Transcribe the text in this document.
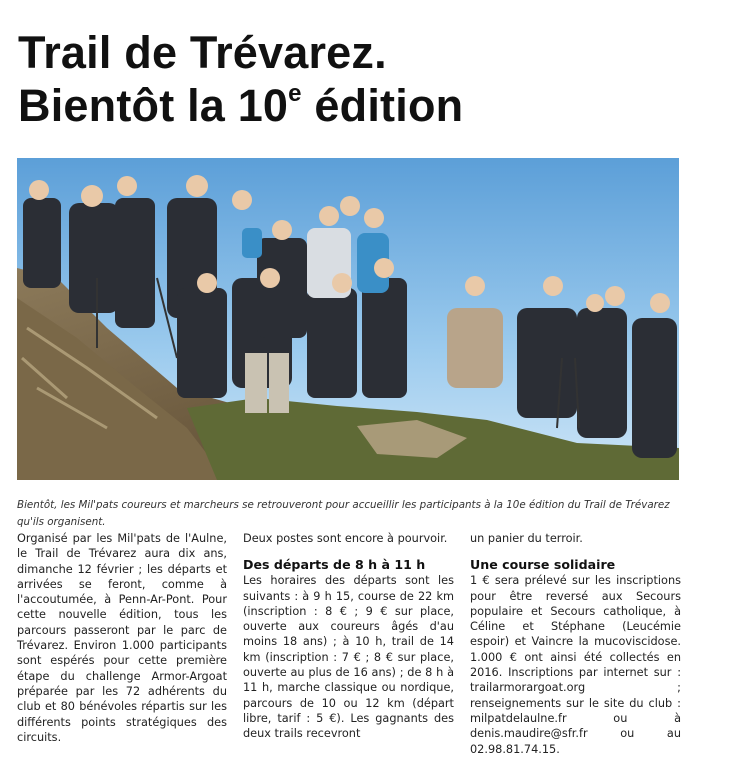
Trail de Trévarez.
Bientôt la 10e édition

Bientôt, les Mil'pats coureurs et marcheurs se retrouveront pour accueillir les participants à la 10e édition du Trail de Trévarez qu'ils organisent.

Organisé par les Mil'pats de l'Aulne, le Trail de Trévarez aura dix ans, dimanche 12 février ; les départs et arrivées se feront, comme à l'accoutumée, à Penn-Ar-Pont. Pour cette nouvelle édition, tous les parcours passeront par le parc de Trévarez. Environ 1.000 participants sont espérés pour cette première étape du challenge Armor-Argoat préparée par les 72 adhérents du club et 80 bénévoles répartis sur les différents points stratégiques des circuits.

Deux postes sont encore à pourvoir.

Des départs de 8 h à 11 h

Les horaires des départs sont les suivants : à 9 h 15, course de 22 km (inscription : 8 € ; 9 € sur place, ouverte aux coureurs âgés d'au moins 18 ans) ; à 10 h, trail de 14 km (inscription : 7 € ; 8 € sur place, ouverte au plus de 16 ans) ; de 8 h à 11 h, marche classique ou nordique, parcours de 10 ou 12 km (départ libre, tarif : 5 €). Les gagnants des deux trails recevront

un panier du terroir.

Une course solidaire

1 € sera prélevé sur les inscriptions pour être reversé aux Secours populaire et Secours catholique, à Céline et Stéphane (Leucémie espoir) et Vaincre la mucoviscidose. 1.000 € ont ainsi été collectés en 2016. Inscriptions par internet sur : trailarmorargoat.org ; renseignements sur le site du club : milpatdelaulne.fr ou à denis.maudire@sfr.fr ou au 02.98.81.74.15.
